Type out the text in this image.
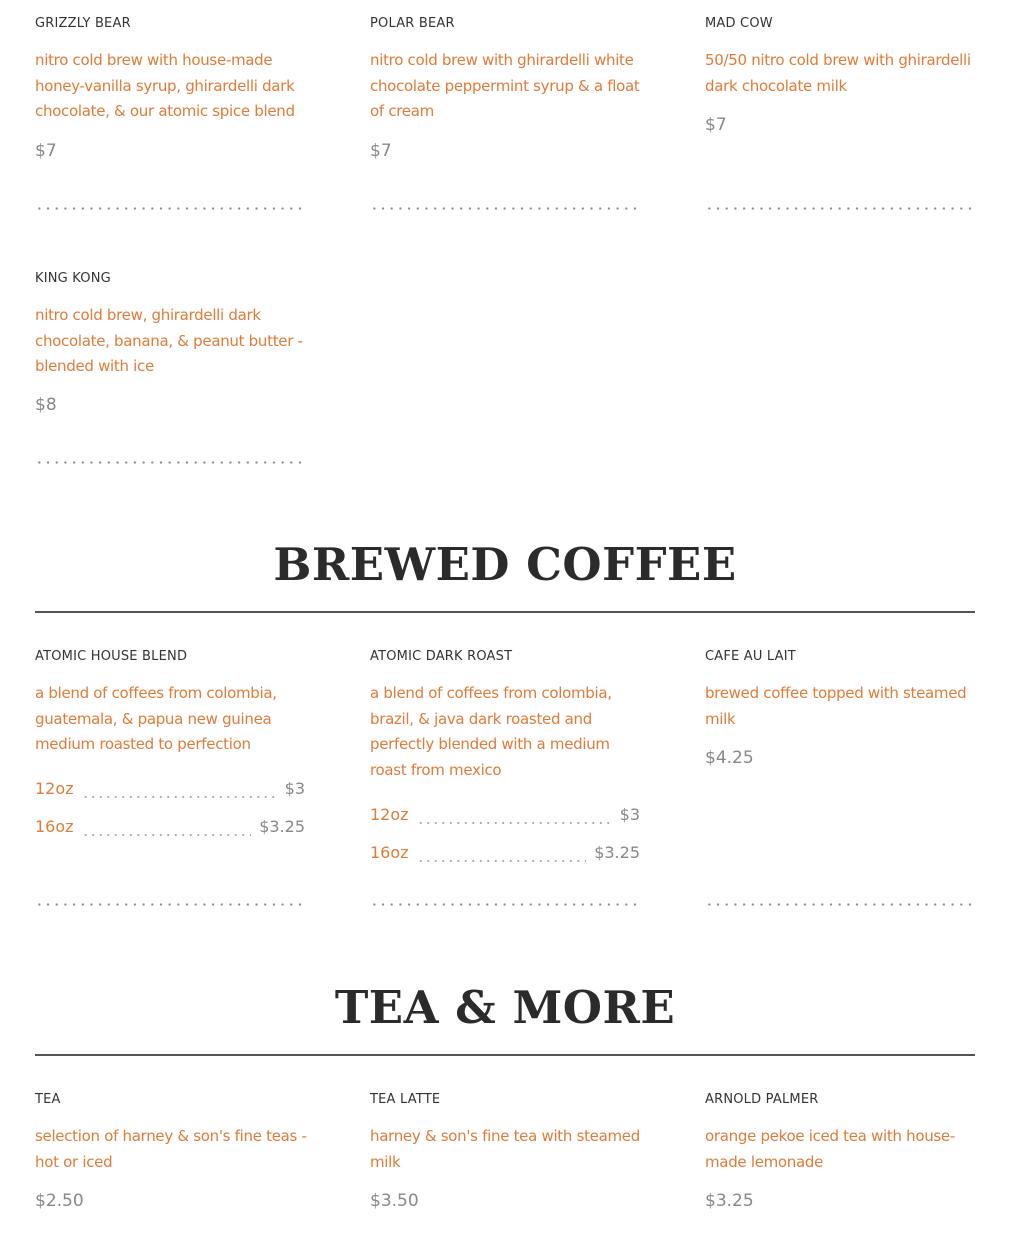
GRIZZLY BEAR
nitro cold brew with house-made honey-vanilla syrup, ghirardelli dark chocolate, & our atomic spice blend
$7
POLAR BEAR
nitro cold brew with ghirardelli white chocolate peppermint syrup & a float of cream
$7
MAD COW
50/50 nitro cold brew with ghirardelli dark chocolate milk
$7
KING KONG
nitro cold brew, ghirardelli dark chocolate, banana, & peanut butter - blended with ice
$8
BREWED COFFEE
ATOMIC HOUSE BLEND
a blend of coffees from colombia, guatemala, & papua new guinea medium roasted to perfection
12oz	$3
16oz	$3.25
ATOMIC DARK ROAST
a blend of coffees from colombia, brazil, & java dark roasted and perfectly blended with a medium roast from mexico
12oz	$3
16oz	$3.25
CAFE AU LAIT
brewed coffee topped with steamed milk
$4.25
TEA & MORE
TEA
selection of harney & son's fine teas - hot or iced
$2.50
TEA LATTE
harney & son's fine tea with steamed milk
$3.50
ARNOLD PALMER
orange pekoe iced tea with house-made lemonade
$3.25
